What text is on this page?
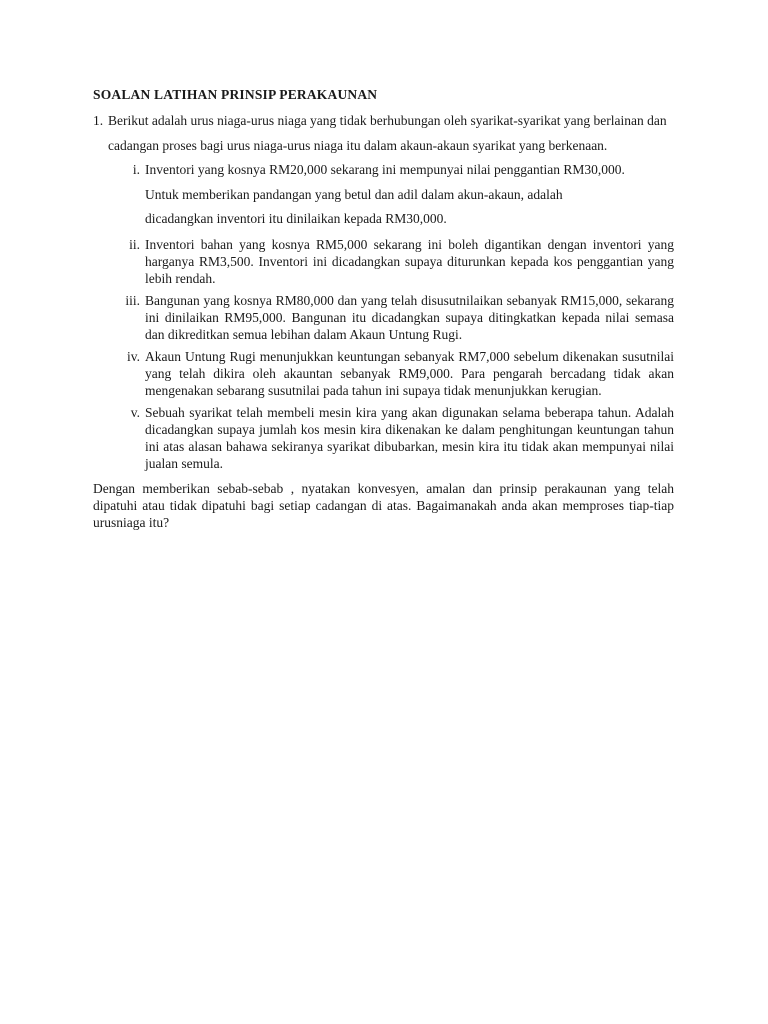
SOALAN LATIHAN PRINSIP PERAKAUNAN
1. Berikut adalah urus niaga-urus niaga yang tidak berhubungan oleh syarikat-syarikat yang berlainan dan cadangan proses bagi urus niaga-urus niaga itu dalam akaun-akaun syarikat yang berkenaan.
i. Inventori yang kosnya RM20,000 sekarang ini mempunyai nilai penggantian RM30,000. Untuk memberikan pandangan yang betul dan adil dalam akun-akaun, adalah dicadangkan inventori itu dinilaikan kepada RM30,000.
ii. Inventori bahan yang kosnya RM5,000 sekarang ini boleh digantikan dengan inventori yang harganya RM3,500. Inventori ini dicadangkan supaya diturunkan kepada kos penggantian yang lebih rendah.
iii. Bangunan yang kosnya RM80,000 dan yang telah disusutnilaikan sebanyak RM15,000, sekarang ini dinilaikan RM95,000. Bangunan itu dicadangkan supaya ditingkatkan kepada nilai semasa dan dikreditkan semua lebihan dalam Akaun Untung Rugi.
iv. Akaun Untung Rugi menunjukkan keuntungan sebanyak RM7,000 sebelum dikenakan susutnilai yang telah dikira oleh akauntan sebanyak RM9,000. Para pengarah bercadang tidak akan mengenakan sebarang susutnilai pada tahun ini supaya tidak menunjukkan kerugian.
v. Sebuah syarikat telah membeli mesin kira yang akan digunakan selama beberapa tahun. Adalah dicadangkan supaya jumlah kos mesin kira dikenakan ke dalam penghitungan keuntungan tahun ini atas alasan bahawa sekiranya syarikat dibubarkan, mesin kira itu tidak akan mempunyai nilai jualan semula.
Dengan memberikan sebab-sebab , nyatakan konvesyen, amalan dan prinsip perakaunan yang telah dipatuhi atau tidak dipatuhi bagi setiap cadangan di atas. Bagaimanakah anda akan memproses tiap-tiap urusniaga itu?
